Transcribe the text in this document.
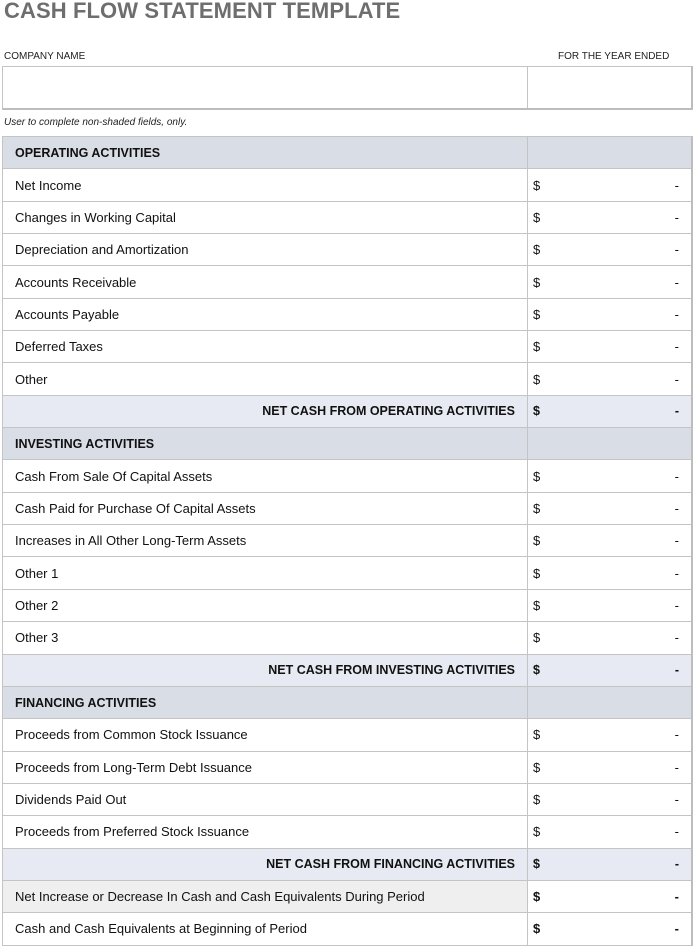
CASH FLOW STATEMENT TEMPLATE
COMPANY NAME	FOR THE YEAR ENDED
User to complete non-shaded fields, only.
OPERATING ACTIVITIES
Net Income	$	-
Changes in Working Capital	$	-
Depreciation and Amortization	$	-
Accounts Receivable	$	-
Accounts Payable	$	-
Deferred Taxes	$	-
Other	$	-
NET CASH FROM OPERATING ACTIVITIES	$	-
INVESTING ACTIVITIES
Cash From Sale Of Capital Assets	$	-
Cash Paid for Purchase Of Capital Assets	$	-
Increases in All Other Long-Term Assets	$	-
Other 1	$	-
Other 2	$	-
Other 3	$	-
NET CASH FROM INVESTING ACTIVITIES	$	-
FINANCING ACTIVITIES
Proceeds from Common Stock Issuance	$	-
Proceeds from Long-Term Debt Issuance	$	-
Dividends Paid Out	$	-
Proceeds from Preferred Stock Issuance	$	-
NET CASH FROM FINANCING ACTIVITIES	$	-
Net Increase or Decrease In Cash and Cash Equivalents During Period	$	-
Cash and Cash Equivalents at Beginning of Period	$	-
